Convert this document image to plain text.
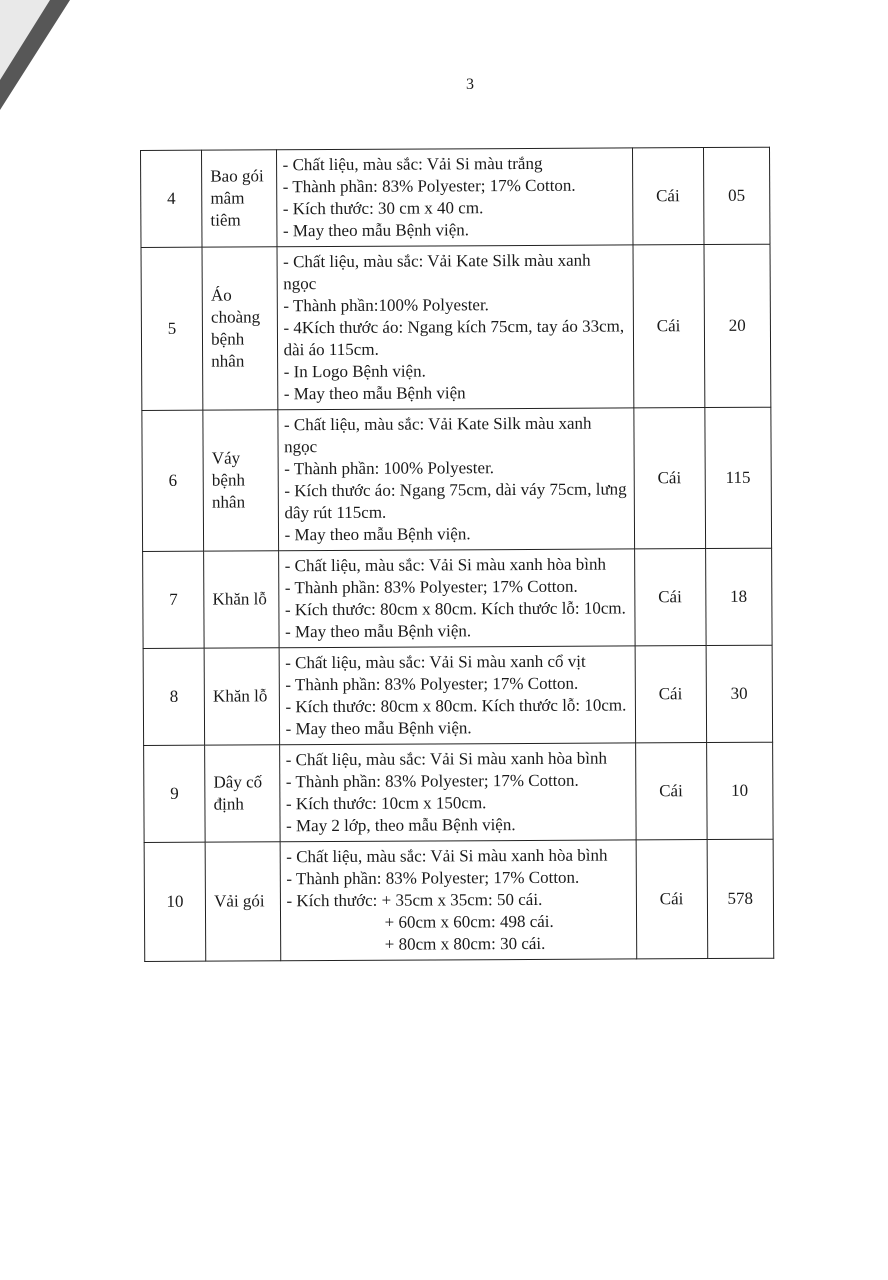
3
4	Bao gói mâm tiêm	- Chất liệu, màu sắc: Vải Si màu trắng
- Thành phần: 83% Polyester; 17% Cotton.
- Kích thước: 30 cm x 40 cm.
- May theo mẫu Bệnh viện.	Cái	05
5	Áo choàng bệnh nhân	- Chất liệu, màu sắc: Vải Kate Silk màu xanh ngọc
- Thành phần:100% Polyester.
- 4Kích thước áo: Ngang kích 75cm, tay áo 33cm, dài áo 115cm.
- In Logo Bệnh viện.
- May theo mẫu Bệnh viện	Cái	20
6	Váy bệnh nhân	- Chất liệu, màu sắc: Vải Kate Silk màu xanh ngọc
- Thành phần: 100% Polyester.
- Kích thước áo: Ngang 75cm, dài váy 75cm, lưng dây rút 115cm.
- May theo mẫu Bệnh viện.	Cái	115
7	Khăn lỗ	- Chất liệu, màu sắc: Vải Si màu xanh hòa bình
- Thành phần: 83% Polyester; 17% Cotton.
- Kích thước: 80cm x 80cm. Kích thước lỗ: 10cm.
- May theo mẫu Bệnh viện.	Cái	18
8	Khăn lỗ	- Chất liệu, màu sắc: Vải Si màu xanh cổ vịt
- Thành phần: 83% Polyester; 17% Cotton.
- Kích thước: 80cm x 80cm. Kích thước lỗ: 10cm.
- May theo mẫu Bệnh viện.	Cái	30
9	Dây cố định	- Chất liệu, màu sắc: Vải Si màu xanh hòa bình
- Thành phần: 83% Polyester; 17% Cotton.
- Kích thước: 10cm x 150cm.
- May 2 lớp, theo mẫu Bệnh viện.	Cái	10
10	Vải gói	- Chất liệu, màu sắc: Vải Si màu xanh hòa bình
- Thành phần: 83% Polyester; 17% Cotton.
- Kích thước: + 35cm x 35cm: 50 cái.
+ 60cm x 60cm: 498 cái.
+ 80cm x 80cm: 30 cái.	Cái	578
